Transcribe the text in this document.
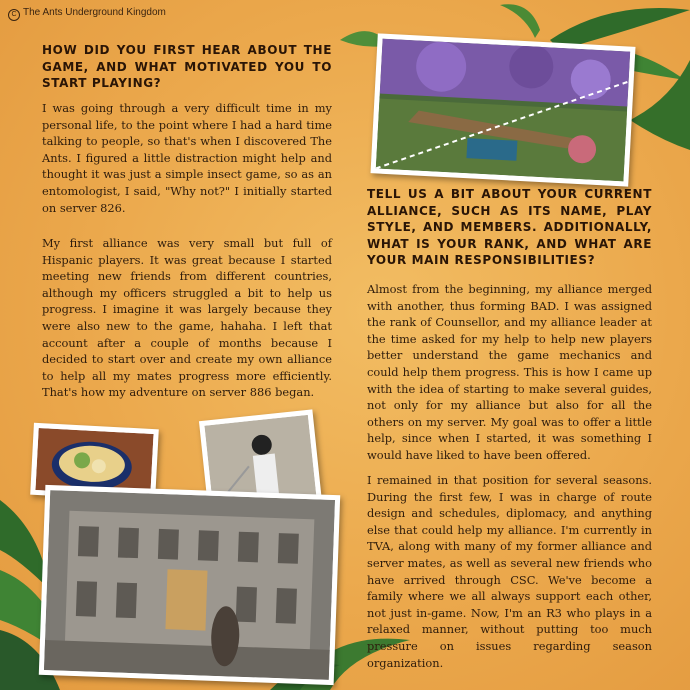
C The Ants Underground Kingdom
HOW DID YOU FIRST HEAR ABOUT THE GAME, AND WHAT MOTIVATED YOU TO START PLAYING?
I was going through a very difficult time in my personal life, to the point where I had a hard time talking to people, so that's when I discovered The Ants. I figured a little distraction might help and thought it was just a simple insect game, so as an entomologist, I said, "Why not?" I initially started on server 826.
My first alliance was very small but full of Hispanic players. It was great because I started meeting new friends from different countries, although my officers struggled a bit to help us progress. I imagine it was largely because they were also new to the game, hahaha. I left that account after a couple of months because I decided to start over and create my own alliance to help all my mates progress more efficiently. That's how my adventure on server 886 began.
TELL US A BIT ABOUT YOUR CURRENT ALLIANCE, SUCH AS ITS NAME, PLAY STYLE, AND MEMBERS. ADDITIONALLY, WHAT IS YOUR RANK, AND WHAT ARE YOUR MAIN RESPONSIBILITIES?
Almost from the beginning, my alliance merged with another, thus forming BAD. I was assigned the rank of Counsellor, and my alliance leader at the time asked for my help to help new players better understand the game mechanics and could help them progress. This is how I came up with the idea of starting to make several guides, not only for my alliance but also for all the others on my server. My goal was to offer a little help, since when I started, it was something I would have liked to have been offered.
I remained in that position for several seasons. During the first few, I was in charge of route design and schedules, diplomacy, and anything else that could help my alliance. I'm currently in TVA, along with many of my former alliance and server mates, as well as several new friends who have arrived through CSC. We've become a family where we all always support each other, not just in-game. Now, I'm an R3 who plays in a relaxed manner, without putting too much pressure on issues regarding season organization.
